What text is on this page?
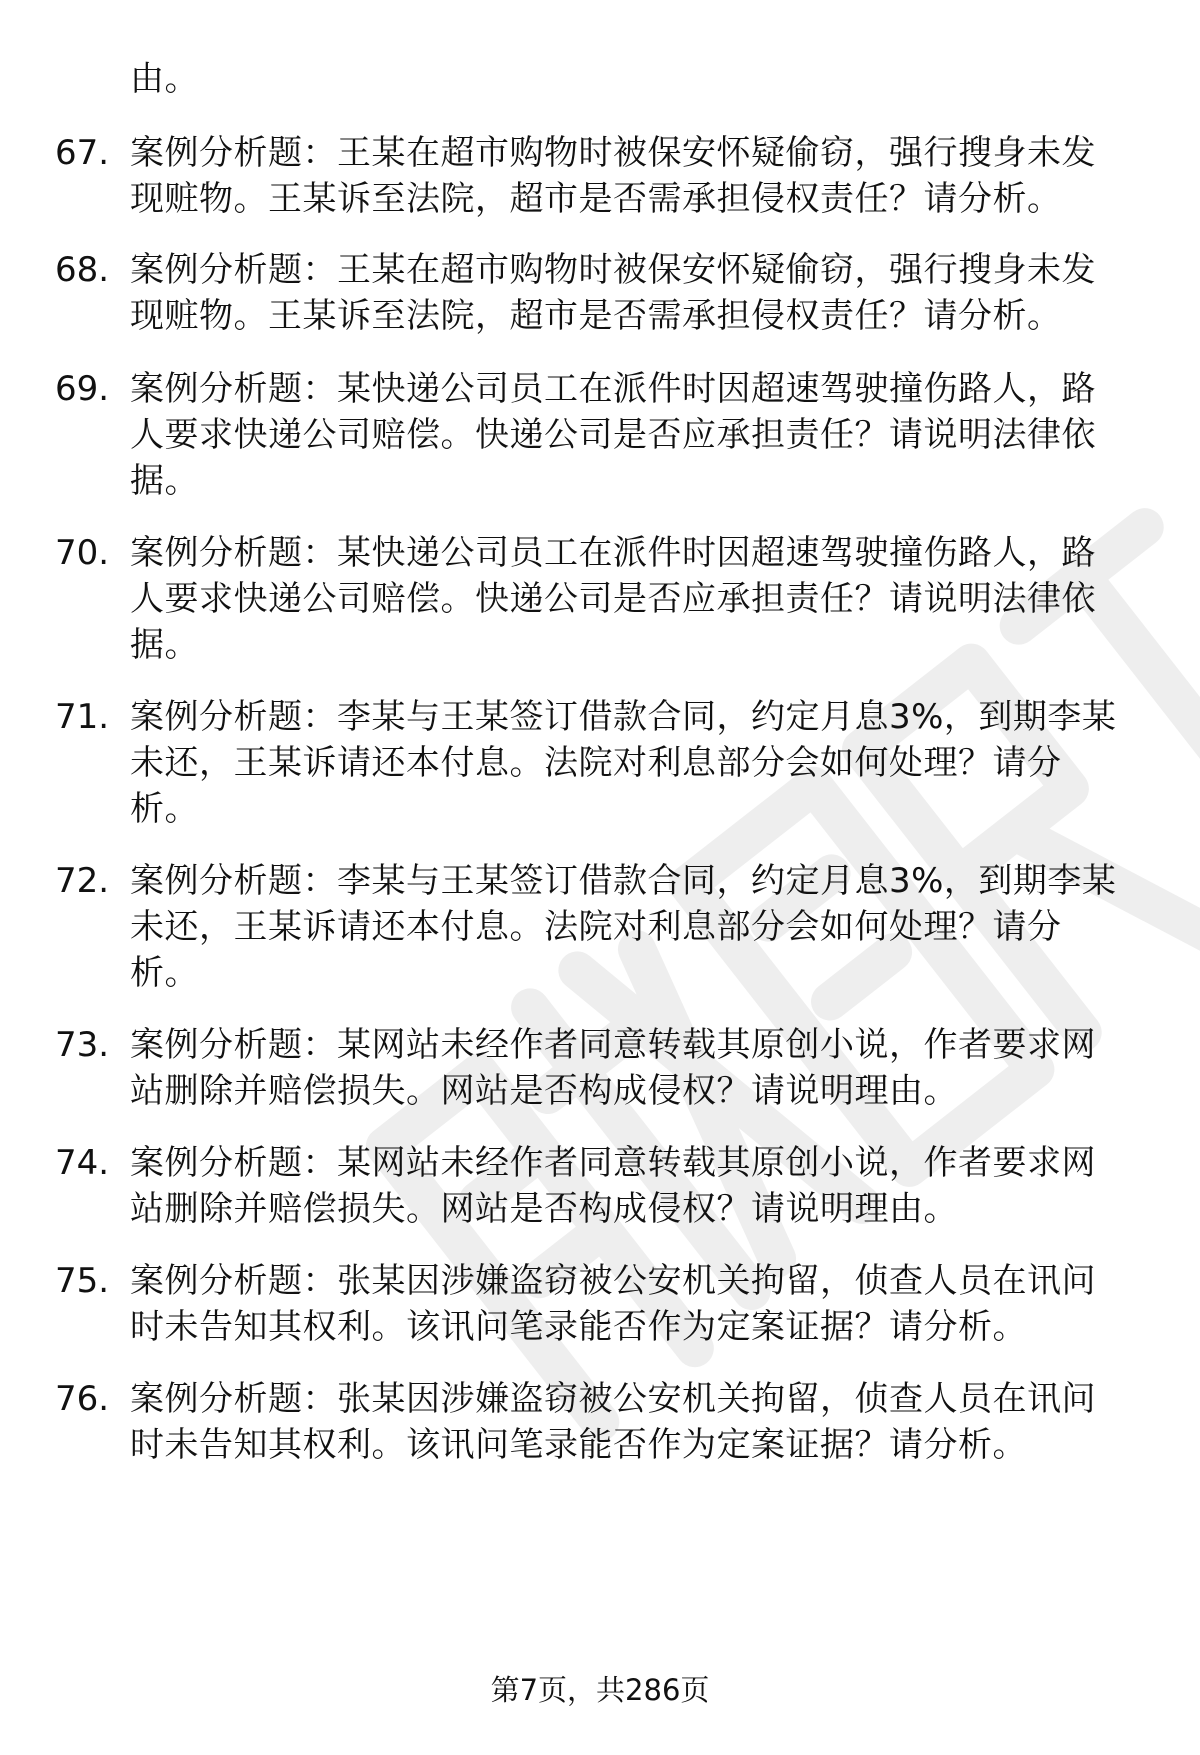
由。
67. 案例分析题：王某在超市购物时被保安怀疑偷窃，强行搜身未发
现赃物。王某诉至法院，超市是否需承担侵权责任？请分析。
68. 案例分析题：王某在超市购物时被保安怀疑偷窃，强行搜身未发
现赃物。王某诉至法院，超市是否需承担侵权责任？请分析。
69. 案例分析题：某快递公司员工在派件时因超速驾驶撞伤路人，路
人要求快递公司赔偿。快递公司是否应承担责任？请说明法律依
据。
70. 案例分析题：某快递公司员工在派件时因超速驾驶撞伤路人，路
人要求快递公司赔偿。快递公司是否应承担责任？请说明法律依
据。
71. 案例分析题：李某与王某签订借款合同，约定月息3%，到期李某
未还，王某诉请还本付息。法院对利息部分会如何处理？请分
析。
72. 案例分析题：李某与王某签订借款合同，约定月息3%，到期李某
未还，王某诉请还本付息。法院对利息部分会如何处理？请分
析。
73. 案例分析题：某网站未经作者同意转载其原创小说，作者要求网
站删除并赔偿损失。网站是否构成侵权？请说明理由。
74. 案例分析题：某网站未经作者同意转载其原创小说，作者要求网
站删除并赔偿损失。网站是否构成侵权？请说明理由。
75. 案例分析题：张某因涉嫌盗窃被公安机关拘留，侦查人员在讯问
时未告知其权利。该讯问笔录能否作为定案证据？请分析。
76. 案例分析题：张某因涉嫌盗窃被公安机关拘留，侦查人员在讯问
时未告知其权利。该讯问笔录能否作为定案证据？请分析。
第7页，共286页
